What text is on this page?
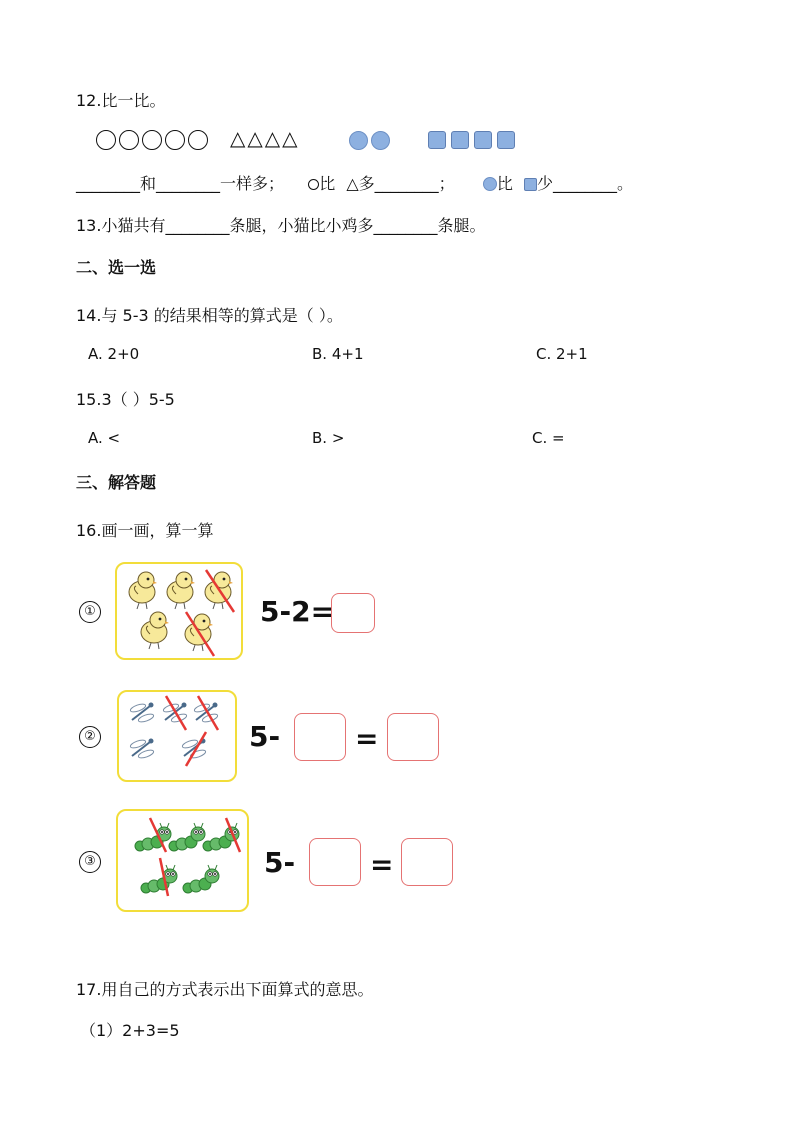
12.比一比。
△△△△
________和________一样多； 比 △多________；	比 少________。
13.小猫共有________条腿，小猫比小鸡多________条腿。
二、选一选
14.与 5-3 的结果相等的算式是（ ）。
A. 2+0	B. 4+1	C. 2+1
15.3（ ）5-5
A. <	B. >	C. =
三、解答题
16.画一画，算一算
①	5-2=
②	5-	=
③	5-	=
17.用自己的方式表示出下面算式的意思。
（1）2+3=5
